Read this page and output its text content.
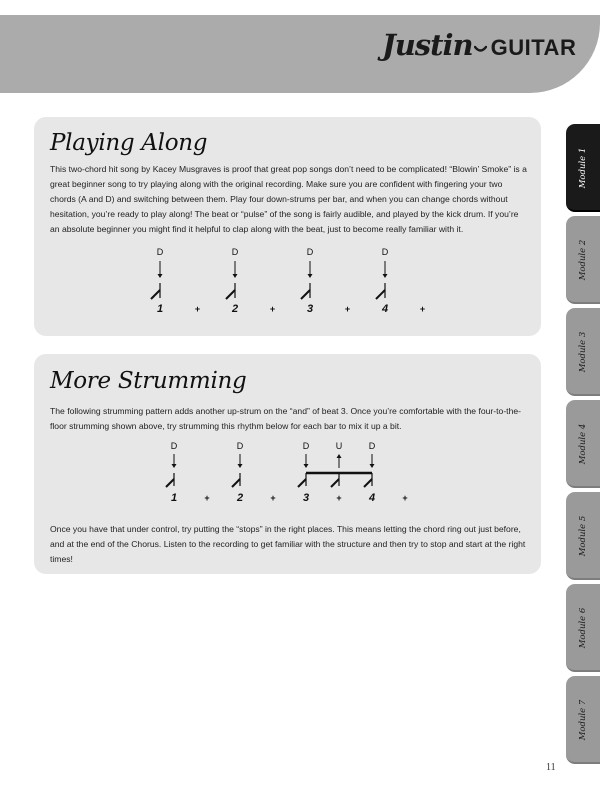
Justin GUITAR
Playing Along

This two-chord hit song by Kacey Musgraves is proof that great pop songs don’t need to be complicated! “Blowin’ Smoke” is a great beginner song to try playing along with the original recording. Make sure you are confident with fingering your two chords (A and D) and switching between them. Play four down-strums per bar, and when you can change chords without hesitation, you’re ready to play along! The beat or “pulse” of the song is fairly audible, and played by the kick drum. If you’re an absolute beginner you might find it helpful to clap along with the beat, just to become really familiar with it.

1	2	3	4
+	+	+	+
D	D	D	D
More Strumming

The following strumming pattern adds another up-strum on the “and” of beat 3. Once you’re comfortable with the four-to-the-floor strumming shown above, try strumming this rhythm below for each bar to mix it up a bit.

1	2	3	4
+	+	+	+
D	D	D	U	D

Once you have that under control, try putting the “stops” in the right places. This means letting the chord ring out just before, and at the end of the Chorus. Listen to the recording to get familiar with the structure and then try to stop and start at the right times!

Module 1
Module 2
Module 3
Module 4
Module 5
Module 6
Module 7
11
